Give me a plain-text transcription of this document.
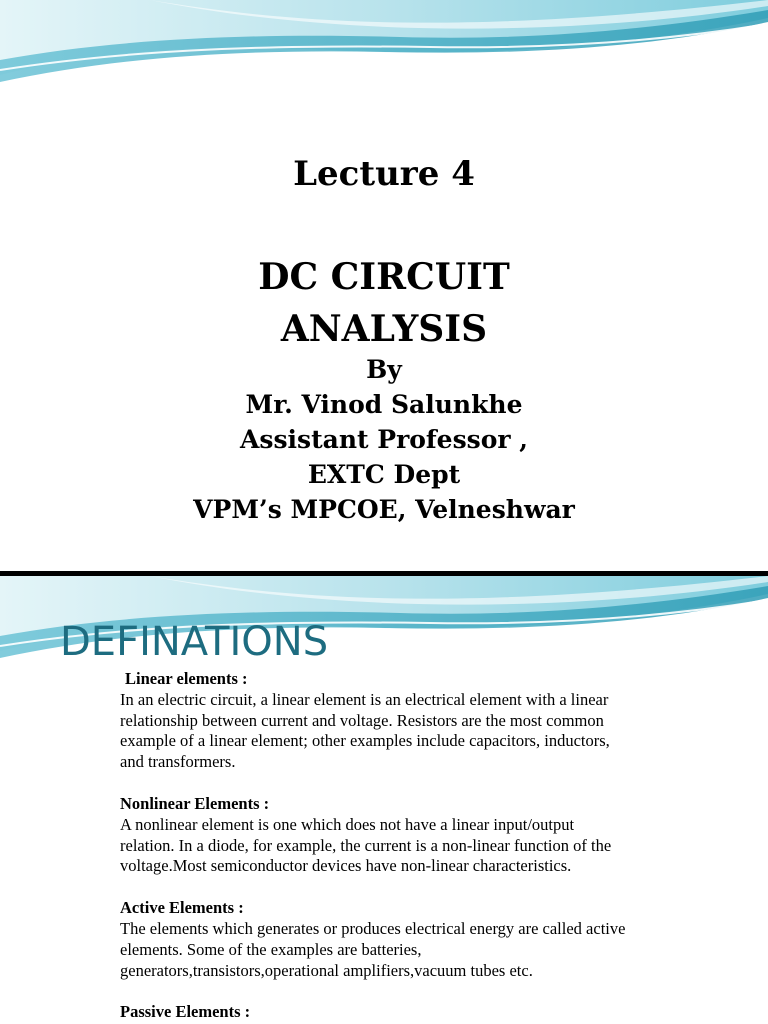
Lecture 4
DC CIRCUIT
ANALYSIS
By
Mr. Vinod Salunkhe
Assistant Professor ,
EXTC Dept
VPM’s MPCOE, Velneshwar
DEFINATIONS
Linear elements :
In an electric circuit, a linear element is an electrical element with a linear
relationship between current and voltage. Resistors are the most common
example of a linear element; other examples include capacitors, inductors,
and transformers.
Nonlinear Elements :
A nonlinear element is one which does not have a linear input/output
relation. In a diode, for example, the current is a non-linear function of the
voltage.Most semiconductor devices have non-linear characteristics.
Active Elements :
The elements which generates or produces electrical energy are called active
elements. Some of the examples are batteries,
generators,transistors,operational amplifiers,vacuum tubes etc.
Passive Elements :
